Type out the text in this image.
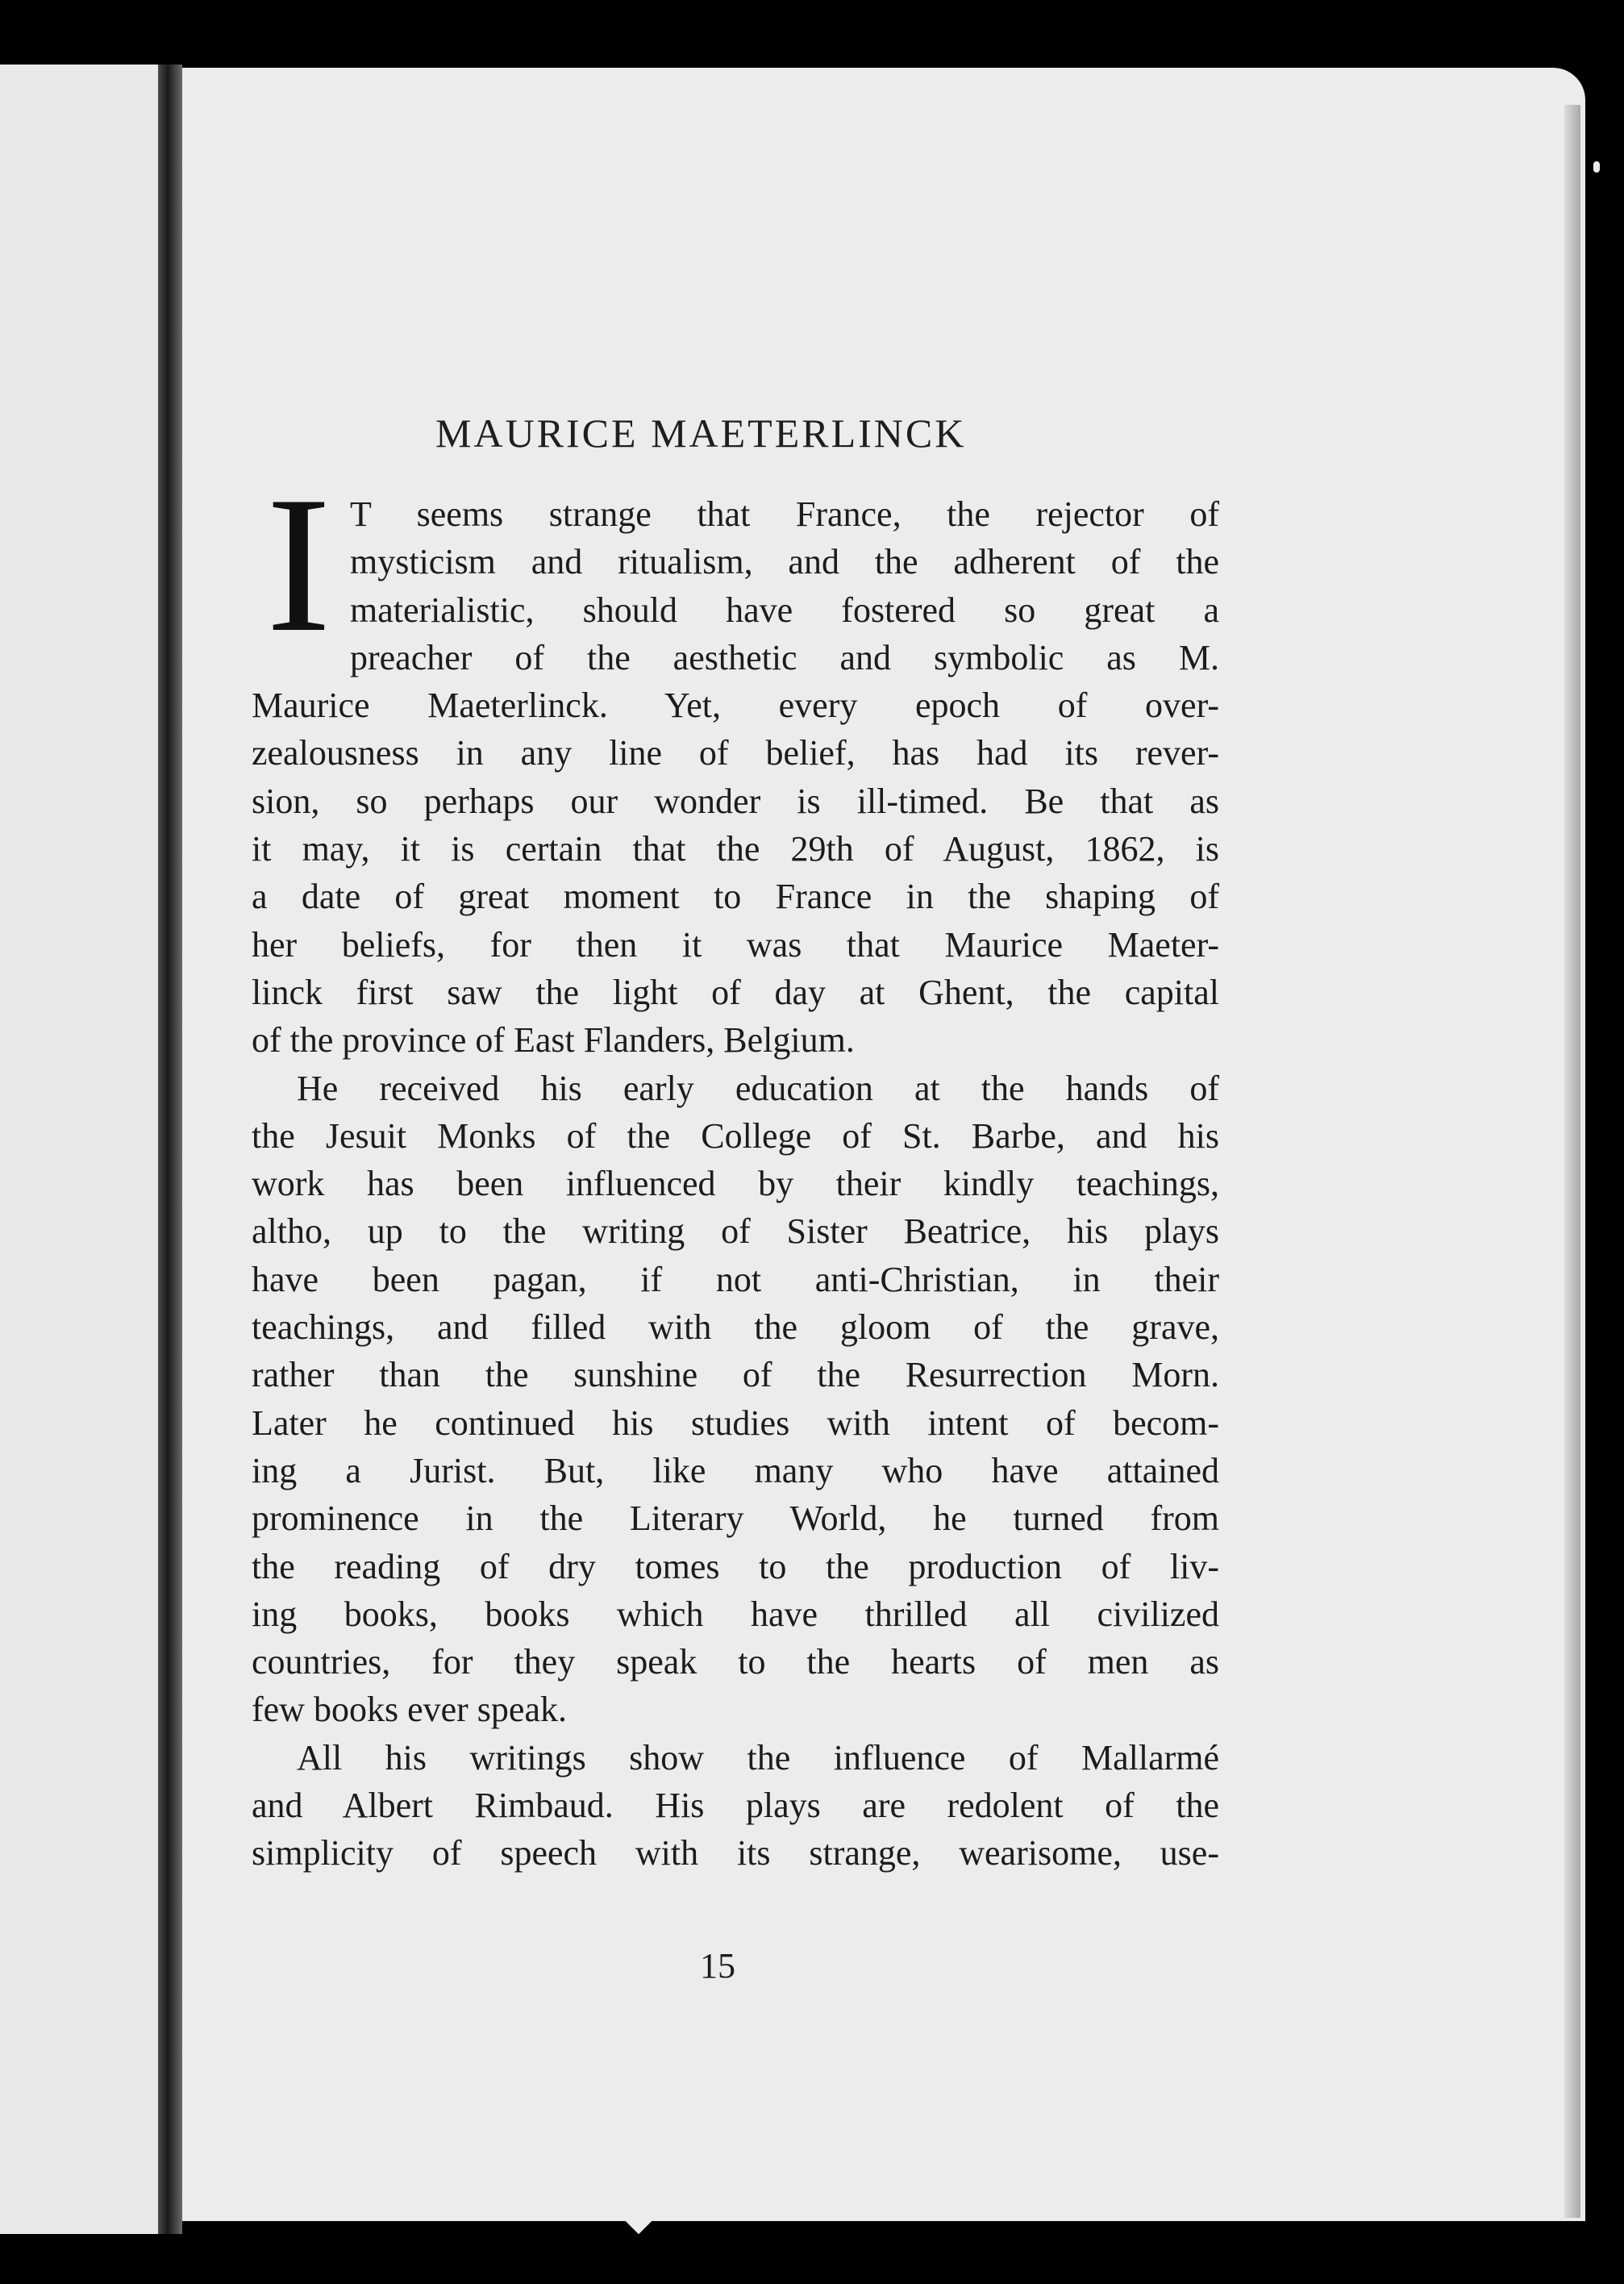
MAURICE MAETERLINCK
I T seems strange that France, the rejector of
mysticism and ritualism, and the adherent of the
materialistic, should have fostered so great a
preacher of the aesthetic and symbolic as M.
Maurice Maeterlinck. Yet, every epoch of over-
zealousness in any line of belief, has had its rever-
sion, so perhaps our wonder is ill-timed. Be that as
it may, it is certain that the 29th of August, 1862, is
a date of great moment to France in the shaping of
her beliefs, for then it was that Maurice Maeter-
linck first saw the light of day at Ghent, the capital
of the province of East Flanders, Belgium.
He received his early education at the hands of
the Jesuit Monks of the College of St. Barbe, and his
work has been influenced by their kindly teachings,
altho, up to the writing of Sister Beatrice, his plays
have been pagan, if not anti-Christian, in their
teachings, and filled with the gloom of the grave,
rather than the sunshine of the Resurrection Morn.
Later he continued his studies with intent of becom-
ing a Jurist. But, like many who have attained
prominence in the Literary World, he turned from
the reading of dry tomes to the production of liv-
ing books, books which have thrilled all civilized
countries, for they speak to the hearts of men as
few books ever speak.
All his writings show the influence of Mallarmé
and Albert Rimbaud. His plays are redolent of the
simplicity of speech with its strange, wearisome, use-
15
